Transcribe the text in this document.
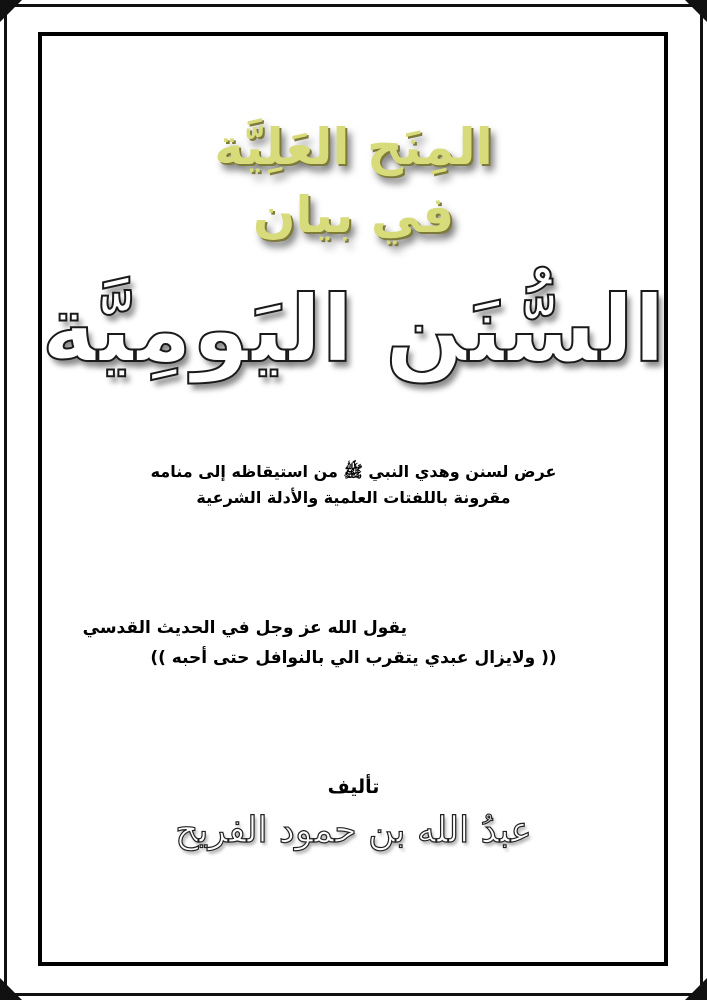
المِنَح العَلِيَّة
في بيان
السُّنَن اليَومِيَّة
عرض لسنن وهدي النبي ﷺ من استيقاظه إلى منامه
مقرونة باللفتات العلمية والأدلة الشرعية
يقول الله عز وجل في الحديث القدسي
(( ولايزال عبدي يتقرب الي بالنوافل حتى أحبه ))
تأليف
عبدُ الله بن حمود الفريح
